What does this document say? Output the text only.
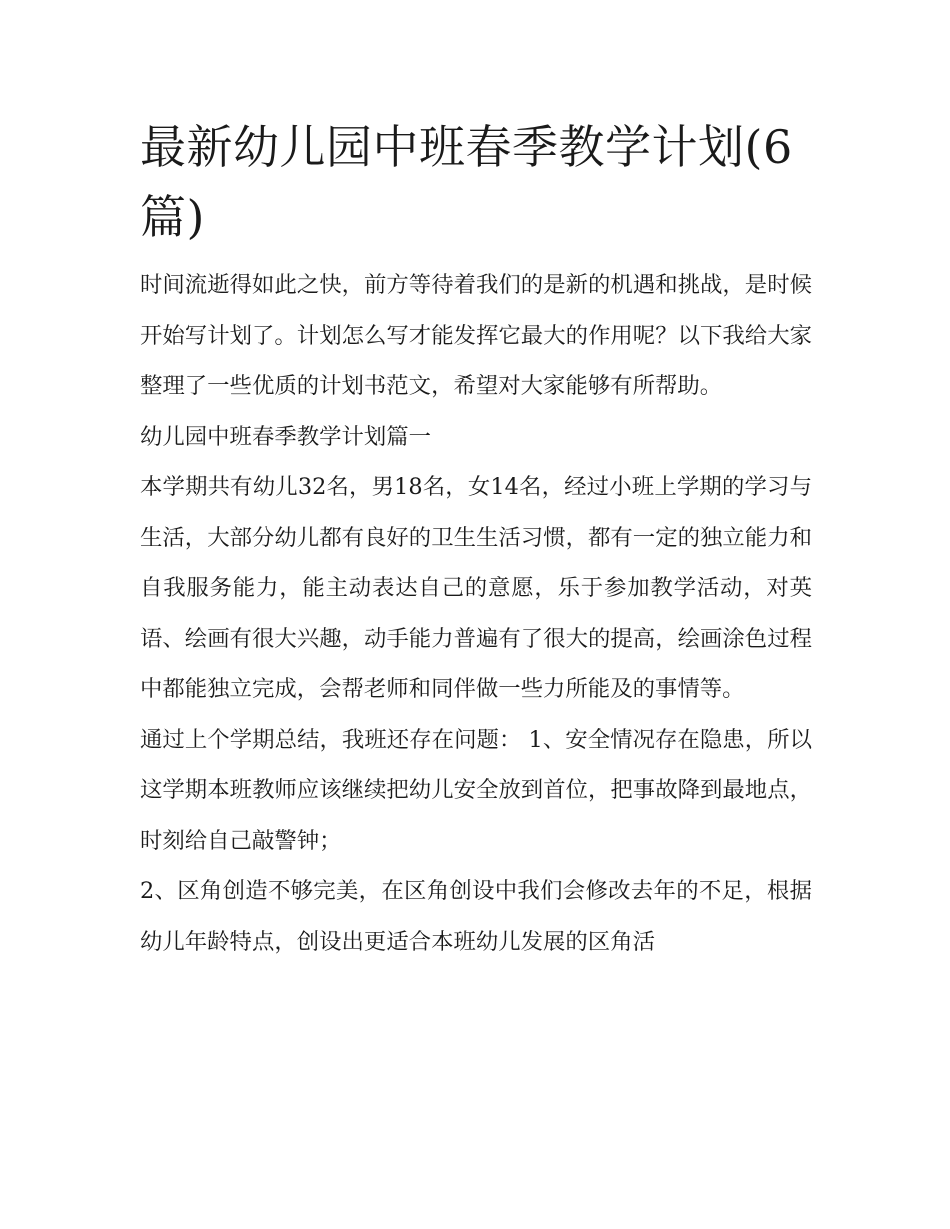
最新幼儿园中班春季教学计划(6篇)

时间流逝得如此之快，前方等待着我们的是新的机遇和挑战，是时候开始写计划了。计划怎么写才能发挥它最大的作用呢？以下我给大家整理了一些优质的计划书范文，希望对大家能够有所帮助。

幼儿园中班春季教学计划篇一

本学期共有幼儿32名，男18名，女14名，经过小班上学期的学习与生活，大部分幼儿都有良好的卫生生活习惯，都有一定的独立能力和自我服务能力，能主动表达自己的意愿，乐于参加教学活动，对英语、绘画有很大兴趣，动手能力普遍有了很大的提高，绘画涂色过程中都能独立完成，会帮老师和同伴做一些力所能及的事情等。

通过上个学期总结，我班还存在问题： 1、安全情况存在隐患，所以这学期本班教师应该继续把幼儿安全放到首位，把事故降到最地点，时刻给自己敲警钟；

2、区角创造不够完美，在区角创设中我们会修改去年的不足，根据幼儿年龄特点，创设出更适合本班幼儿发展的区角活
